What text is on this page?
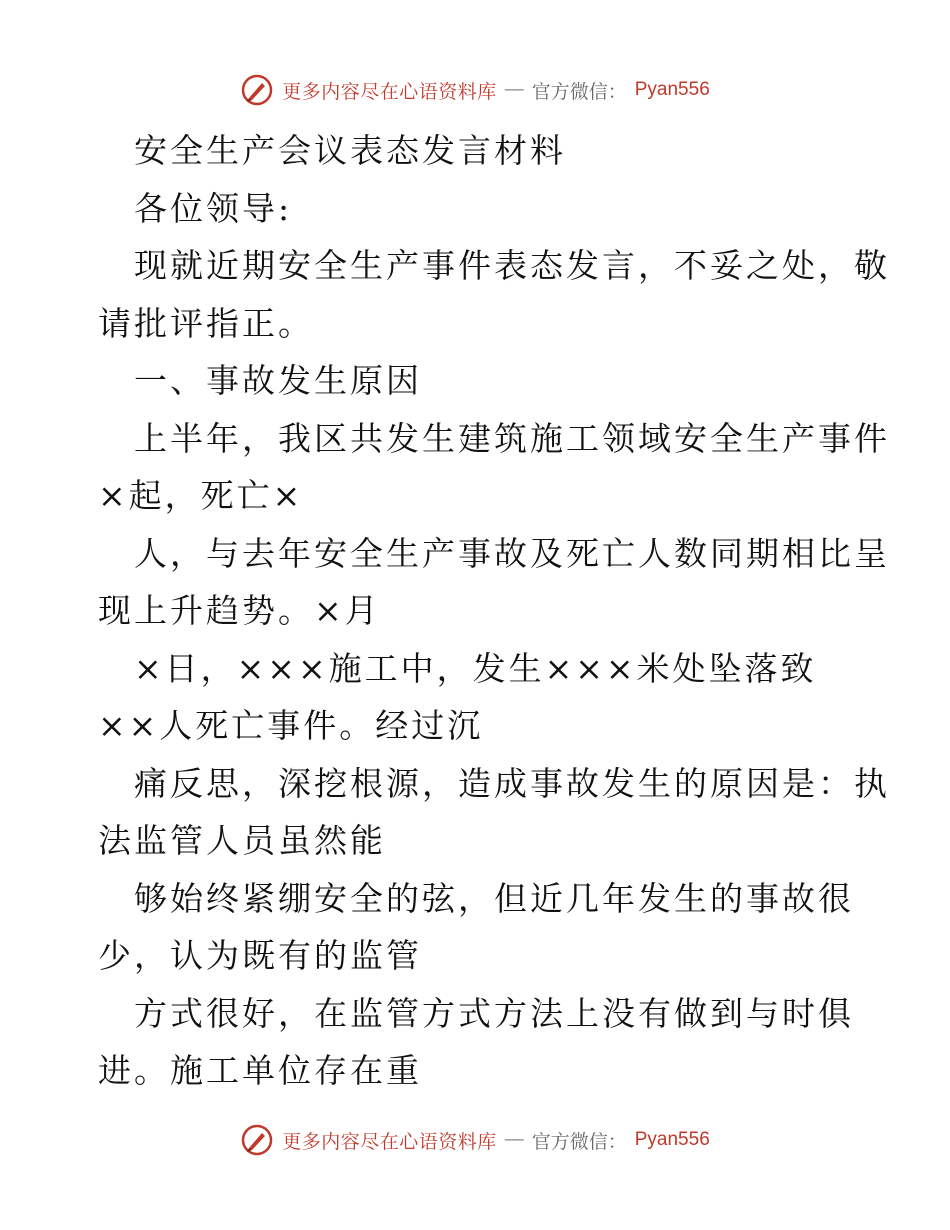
更多内容尽在心语资料库 — 官方微信： Pyan556
安全生产会议表态发言材料
各位领导:
现就近期安全生产事件表态发言，不妥之处，敬
请批评指正。
一、事故发生原因
上半年，我区共发生建筑施工领域安全生产事件
×起，死亡×
人，与去年安全生产事故及死亡人数同期相比呈
现上升趋势。×月
×日，×××施工中，发生×××米处坠落致
××人死亡事件。经过沉
痛反思，深挖根源，造成事故发生的原因是：执
法监管人员虽然能
够始终紧绷安全的弦，但近几年发生的事故很
少，认为既有的监管
方式很好，在监管方式方法上没有做到与时俱
进。施工单位存在重
更多内容尽在心语资料库 — 官方微信： Pyan556
